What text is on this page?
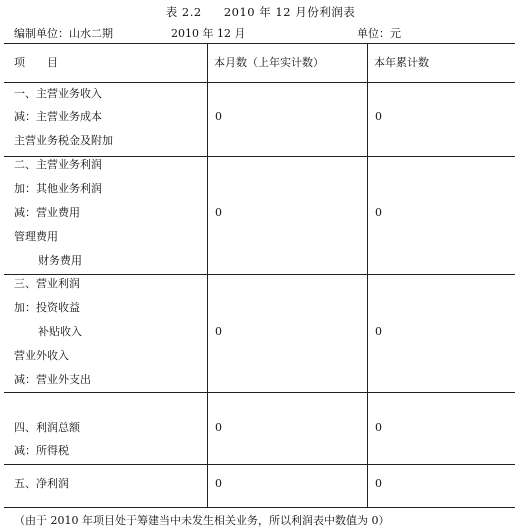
表 2.2 2010 年 12 月份利润表
编制单位：山水二期	2010 年 12 月	单位：元
项　　目	本月数（上年实计数）	本年累计数
一、主营业务收入
减：主营业务成本
主营业务税金及附加
0	0
二、主营业务利润
加：其他业务利润
减：营业费用
管理费用
财务费用
0	0
三、营业利润
加：投资收益
补贴收入
营业外收入
减：营业外支出
0	0
四、利润总额
减：所得税
0	0
五、净利润	0	0
（由于 2010 年项目处于筹建当中未发生相关业务，所以利润表中数值为 0）
